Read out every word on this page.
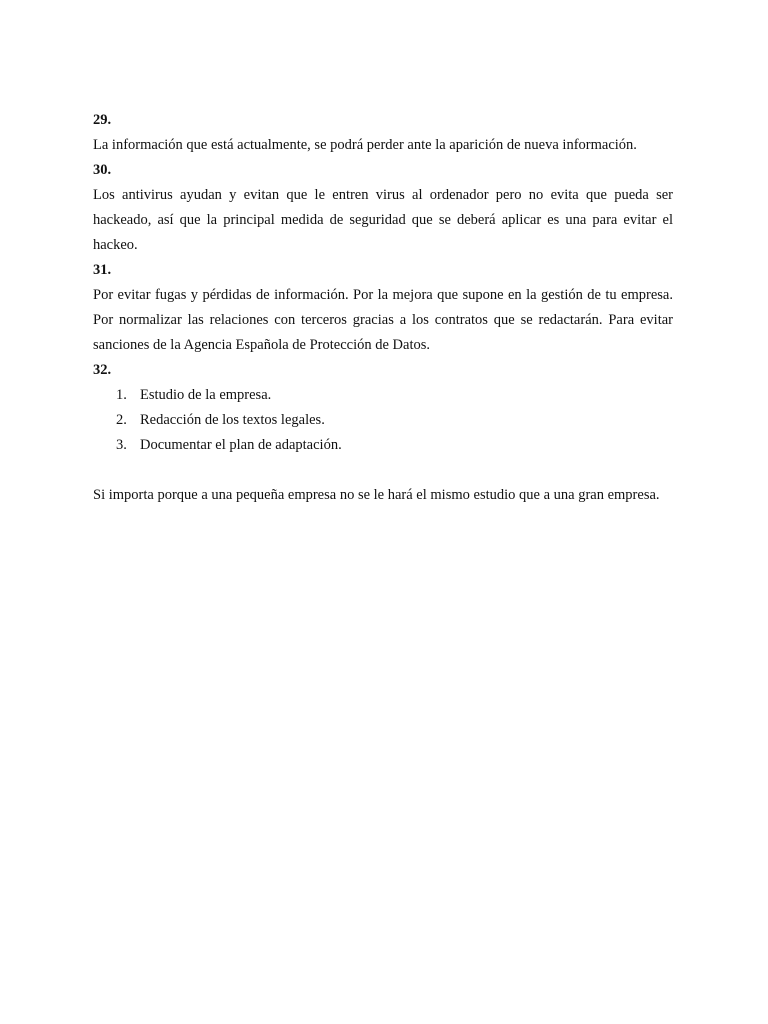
29.

La información que está actualmente, se podrá perder ante la aparición de nueva información.

30.

Los antivirus ayudan y evitan que le entren virus al ordenador pero no evita que pueda ser hackeado, así que la principal medida de seguridad que se deberá aplicar es una para evitar el hackeo.

31.

Por evitar fugas y pérdidas de información. Por la mejora que supone en la gestión de tu empresa. Por normalizar las relaciones con terceros gracias a los contratos que se redactarán. Para evitar sanciones de la Agencia Española de Protección de Datos.

32.

1. Estudio de la empresa.
2. Redacción de los textos legales.
3. Documentar el plan de adaptación.

Si importa porque a una pequeña empresa no se le hará el mismo estudio que a una gran empresa.
